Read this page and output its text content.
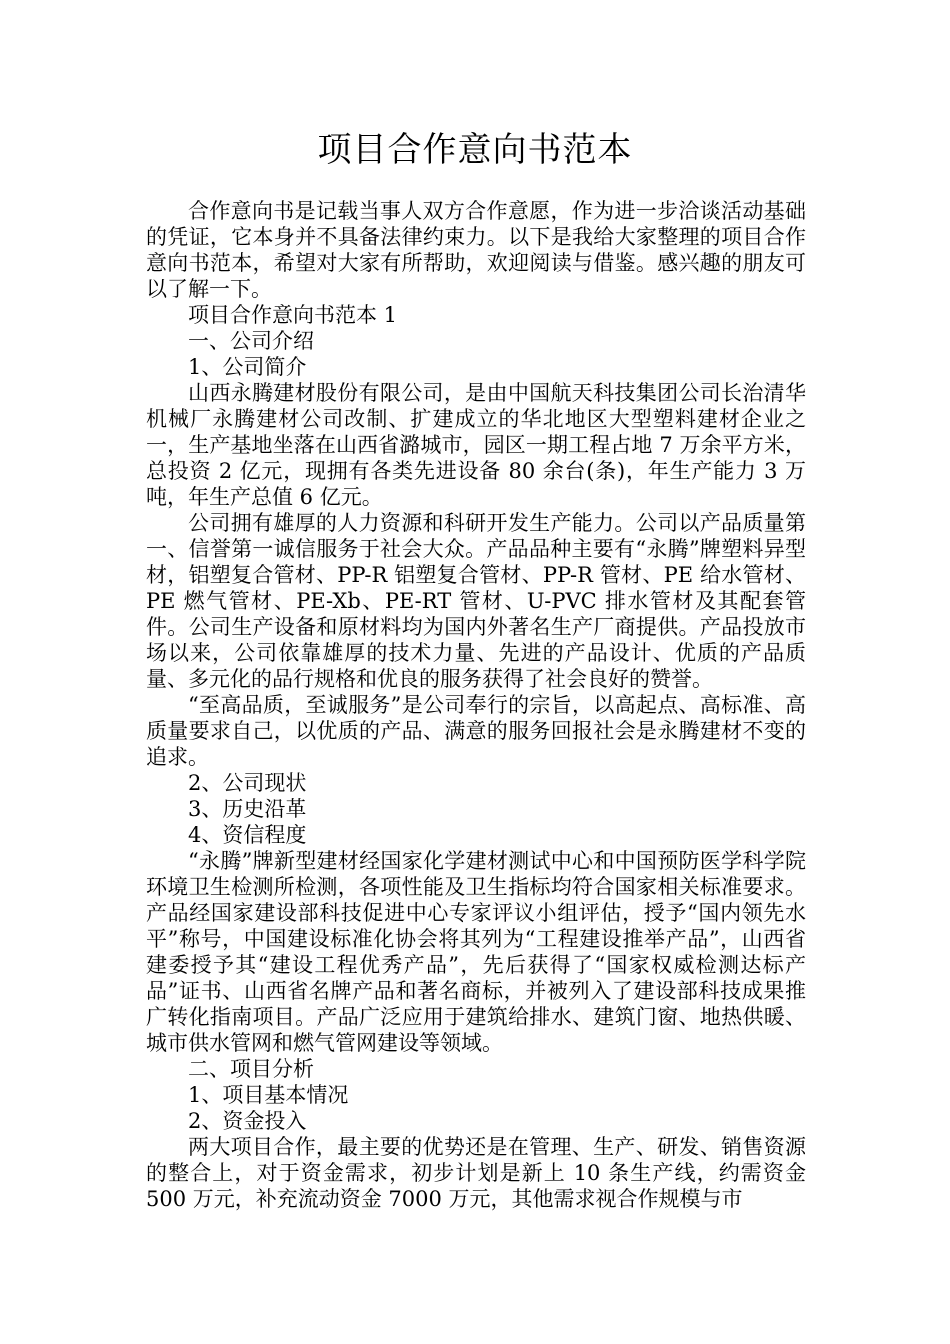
项目合作意向书范本

合作意向书是记载当事人双方合作意愿，作为进一步洽谈活动基础的凭证，它本身并不具备法律约束力。以下是我给大家整理的项目合作意向书范本，希望对大家有所帮助，欢迎阅读与借鉴。感兴趣的朋友可以了解一下。

项目合作意向书范本 1

一、公司介绍

1、公司简介

山西永腾建材股份有限公司，是由中国航天科技集团公司长治清华机械厂永腾建材公司改制、扩建成立的华北地区大型塑料建材企业之一，生产基地坐落在山西省潞城市，园区一期工程占地 7 万余平方米，总投资 2 亿元，现拥有各类先进设备 80 余台(条)，年生产能力 3 万吨，年生产总值 6 亿元。

公司拥有雄厚的人力资源和科研开发生产能力。公司以产品质量第一、信誉第一诚信服务于社会大众。产品品种主要有“永腾”牌塑料异型材，铝塑复合管材、PP-R 铝塑复合管材、PP-R 管材、PE 给水管材、PE 燃气管材、PE-Xb、PE-RT 管材、U-PVC 排水管材及其配套管件。公司生产设备和原材料均为国内外著名生产厂商提供。产品投放市场以来，公司依靠雄厚的技术力量、先进的产品设计、优质的产品质量、多元化的品行规格和优良的服务获得了社会良好的赞誉。

“至高品质，至诚服务”是公司奉行的宗旨，以高起点、高标准、高质量要求自己，以优质的产品、满意的服务回报社会是永腾建材不变的追求。

2、公司现状

3、历史沿革

4、资信程度

“永腾”牌新型建材经国家化学建材测试中心和中国预防医学科学院环境卫生检测所检测，各项性能及卫生指标均符合国家相关标准要求。产品经国家建设部科技促进中心专家评议小组评估，授予“国内领先水平”称号，中国建设标准化协会将其列为“工程建设推举产品”，山西省建委授予其“建设工程优秀产品”，先后获得了“国家权威检测达标产品”证书、山西省名牌产品和著名商标，并被列入了建设部科技成果推广转化指南项目。产品广泛应用于建筑给排水、建筑门窗、地热供暖、城市供水管网和燃气管网建设等领域。

二、项目分析

1、项目基本情况

2、资金投入

两大项目合作，最主要的优势还是在管理、生产、研发、销售资源的整合上，对于资金需求，初步计划是新上 10 条生产线，约需资金 500 万元，补充流动资金 7000 万元，其他需求视合作规模与市
